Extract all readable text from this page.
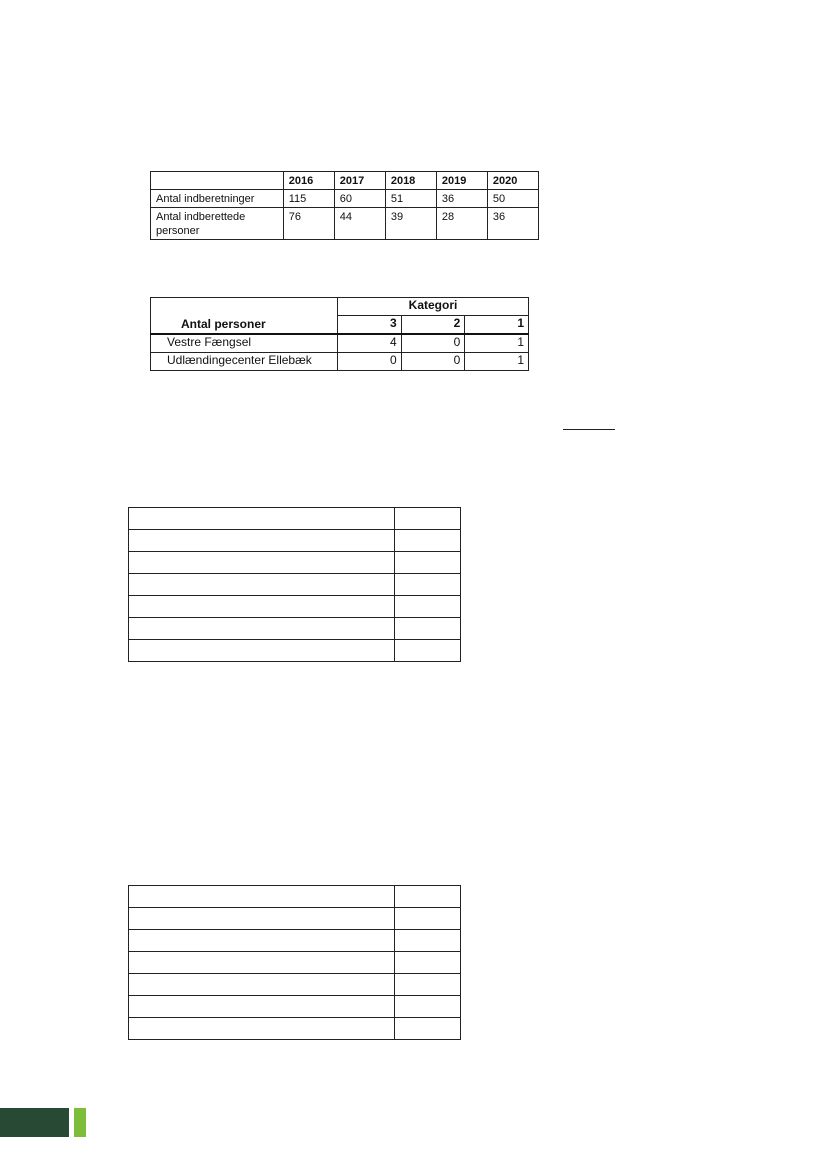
	2016	2017	2018	2019	2020
Antal indberetninger	115	60	51	36	50
Antal indberettede personer	76	44	39	28	36
Antal personer	Kategori		
	3	2	1
Vestre Fængsel	4	0	1
Udlændingecenter Ellebæk	0	0	1
